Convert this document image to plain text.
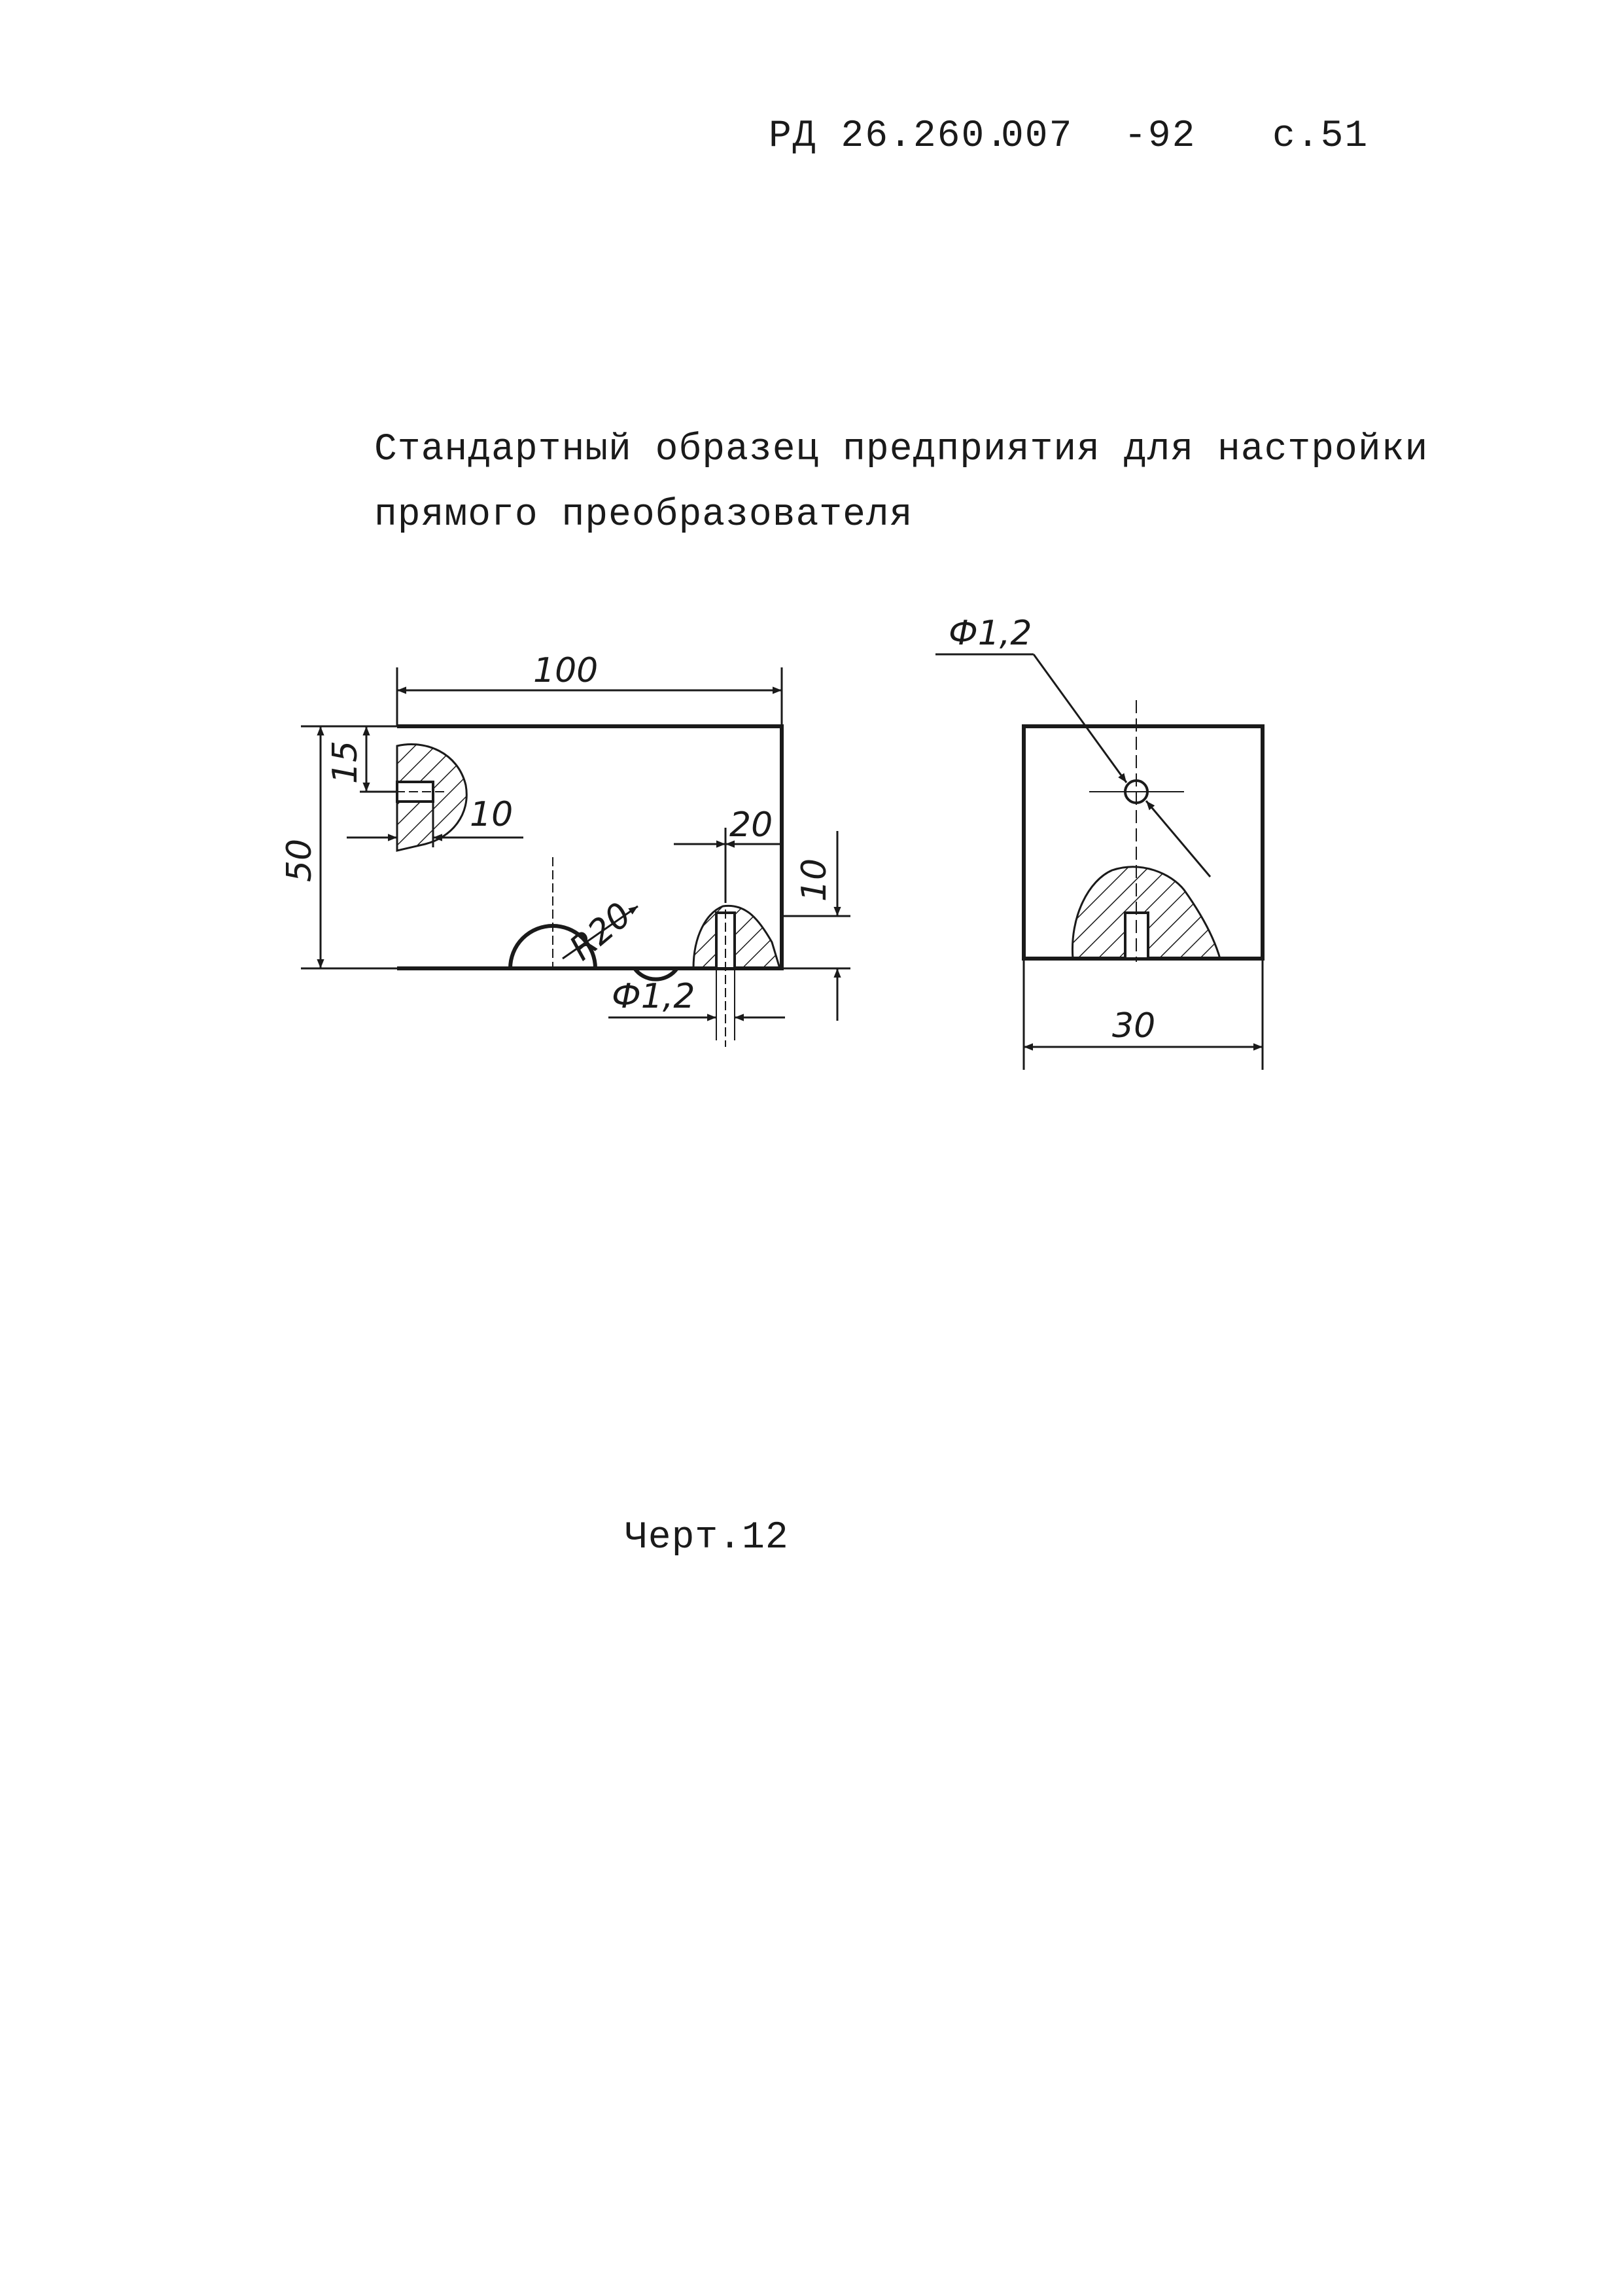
РД 26.260.
007 -92 с.51
Стандартный образец предприятия для настройки
прямого преобразователя
100
50
15
10	20
10
R20
Ф1,2
Ф1,2
30
Черт.12
